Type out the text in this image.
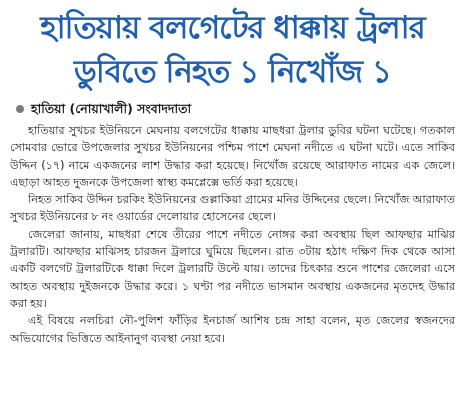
হাতিয়ায় বলগেটের ধাক্কায় ট্রলার
ডুবিতে নিহত ১ নিখোঁজ ১
হাতিয়া (নোয়াখালী) সংবাদদাতা

হাতিয়ার সুখচর ইউনিয়নে মেঘনায় বলগেটের ধাক্কায় মাছধরা ট্রলার ডুবির ঘটনা ঘটেছে। গতকাল সোমবার ভোরে উপজেলার সুখচর ইউনিয়নের পশ্চিম পাশে মেঘনা নদীতে এ ঘটনা ঘটে। এতে সাকিব উদ্দিন (১৭) নামে একজনের লাশ উদ্ধার করা হয়েছে। নিখোঁজ রয়েছে আরাফাত নামের এক জেলে। এছাড়া আহত দুজনকে উপজেলা স্বাস্থ্য কমপ্লেক্সে ভর্তি করা হয়েছে।

নিহত সাকিব উদ্দিন চরকিং ইউনিয়নের গুল্লাকিয়া গ্রামের মনির উদ্দিনের ছেলে। নিখোঁজ আরাফাত সুখচর ইউনিয়নের ৮ নং ওয়ার্ডের দেলোয়ার হোসেনের ছেলে।

জেলেরা জানায়, মাছধরা শেষে তীরের পাশে নদীতে নোঙ্গর করা অবস্থায় ছিল আফছার মাঝির ট্রলারটি। আফছার মাঝিসহ চারজন ট্রলারে ঘুমিয়ে ছিলেন। রাত ৩টায় হঠাৎ দক্ষিণ দিক থেকে আসা একটি বলগেট ট্রলারটিকে ধাক্কা দিলে ট্রলারটি উল্টে যায়। তাদের চিৎকার শুনে পাশের জেলেরা এসে আহত অবস্থায় দুইজনকে উদ্ধার করে। ১ ঘণ্টা পর নদীতে ভাসমান অবস্থায় একজনের মৃতদেহ উদ্ধার করা হয়।

এই বিষয়ে নলচিরা নৌ-পুলিশ ফাঁড়ির ইনচার্জ আশিষ চন্দ্র সাহা বলেন, মৃত জেলের স্বজনদের অভিযোগের ভিত্তিতে আইনানুগ ব্যবস্থা নেয়া হবে।
